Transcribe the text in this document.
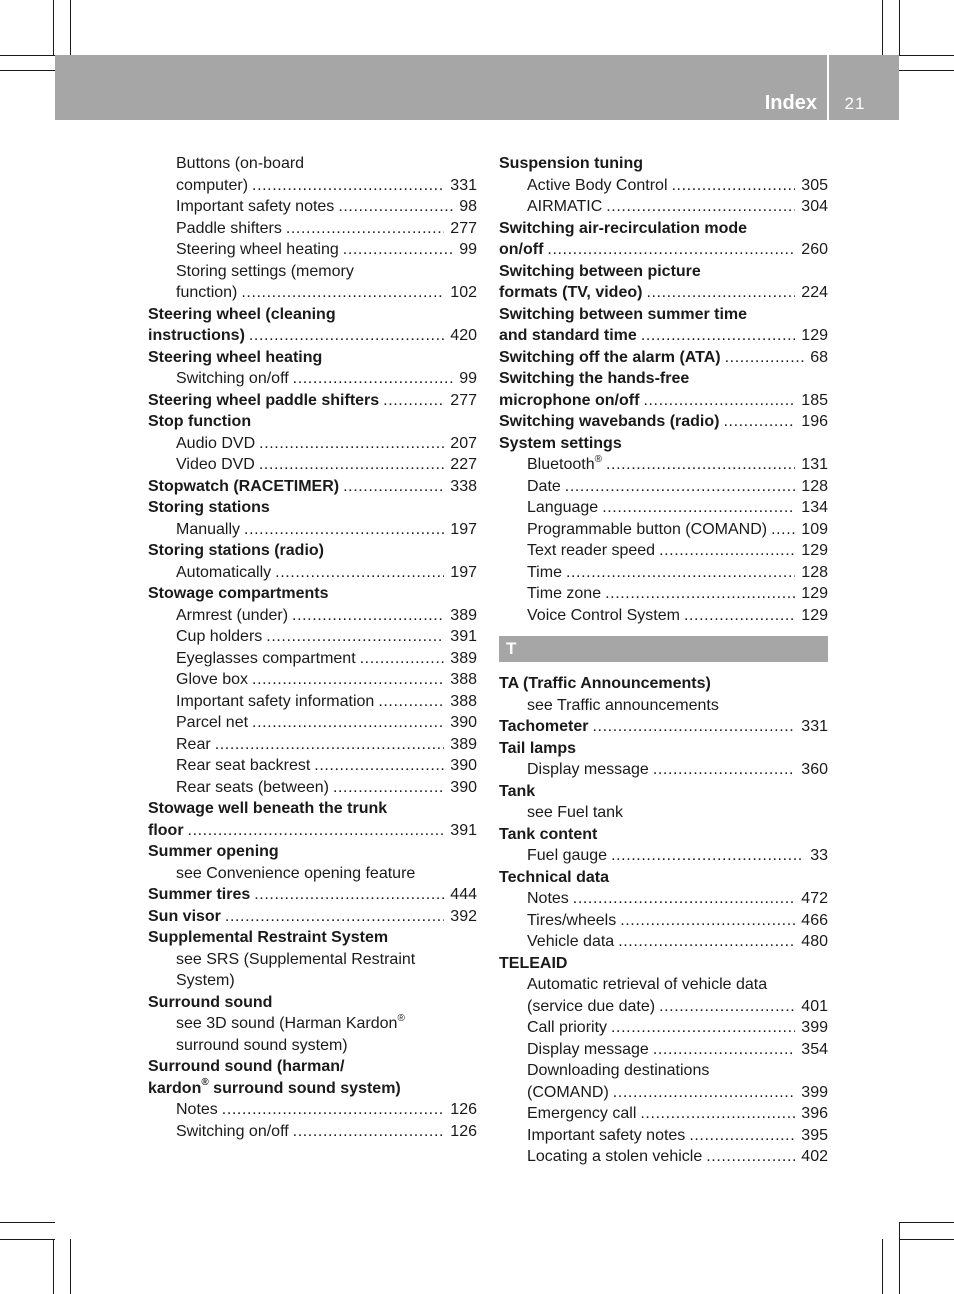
Index	21
Buttons (on-board
computer) .....	331
Important safety notes .....	98
Paddle shifters .....	277
Steering wheel heating .....	99
Storing settings (memory
function) .....	102
Steering wheel (cleaning
instructions) .....	420
Steering wheel heating
Switching on/off .....	99
Steering wheel paddle shifters .....	277
Stop function
Audio DVD .....	207
Video DVD .....	227
Stopwatch (RACETIMER) .....	338
Storing stations
Manually .....	197
Storing stations (radio)
Automatically .....	197
Stowage compartments
Armrest (under) .....	389
Cup holders .....	391
Eyeglasses compartment .....	389
Glove box .....	388
Important safety information .....	388
Parcel net .....	390
Rear .....	389
Rear seat backrest .....	390
Rear seats (between) .....	390
Stowage well beneath the trunk
floor .....	391
Summer opening
see Convenience opening feature
Summer tires .....	444
Sun visor .....	392
Supplemental Restraint System
see SRS (Supplemental Restraint
System)
Surround sound
see 3D sound (Harman Kardon®
surround sound system)
Surround sound (harman/
kardon® surround sound system)
Notes .....	126
Switching on/off .....	126
Suspension tuning
Active Body Control .....	305
AIRMATIC .....	304
Switching air-recirculation mode
on/off .....	260
Switching between picture
formats (TV, video) .....	224
Switching between summer time
and standard time .....	129
Switching off the alarm (ATA) .....	68
Switching the hands-free
microphone on/off .....	185
Switching wavebands (radio) .....	196
System settings
Bluetooth® .....	131
Date .....	128
Language .....	134
Programmable button (COMAND) .....	109
Text reader speed .....	129
Time .....	128
Time zone .....	129
Voice Control System .....	129
T
TA (Traffic Announcements)
see Traffic announcements
Tachometer .....	331
Tail lamps
Display message .....	360
Tank
see Fuel tank
Tank content
Fuel gauge .....	33
Technical data
Notes .....	472
Tires/wheels .....	466
Vehicle data .....	480
TELEAID
Automatic retrieval of vehicle data
(service due date) .....	401
Call priority .....	399
Display message .....	354
Downloading destinations
(COMAND) .....	399
Emergency call .....	396
Important safety notes .....	395
Locating a stolen vehicle .....	402
